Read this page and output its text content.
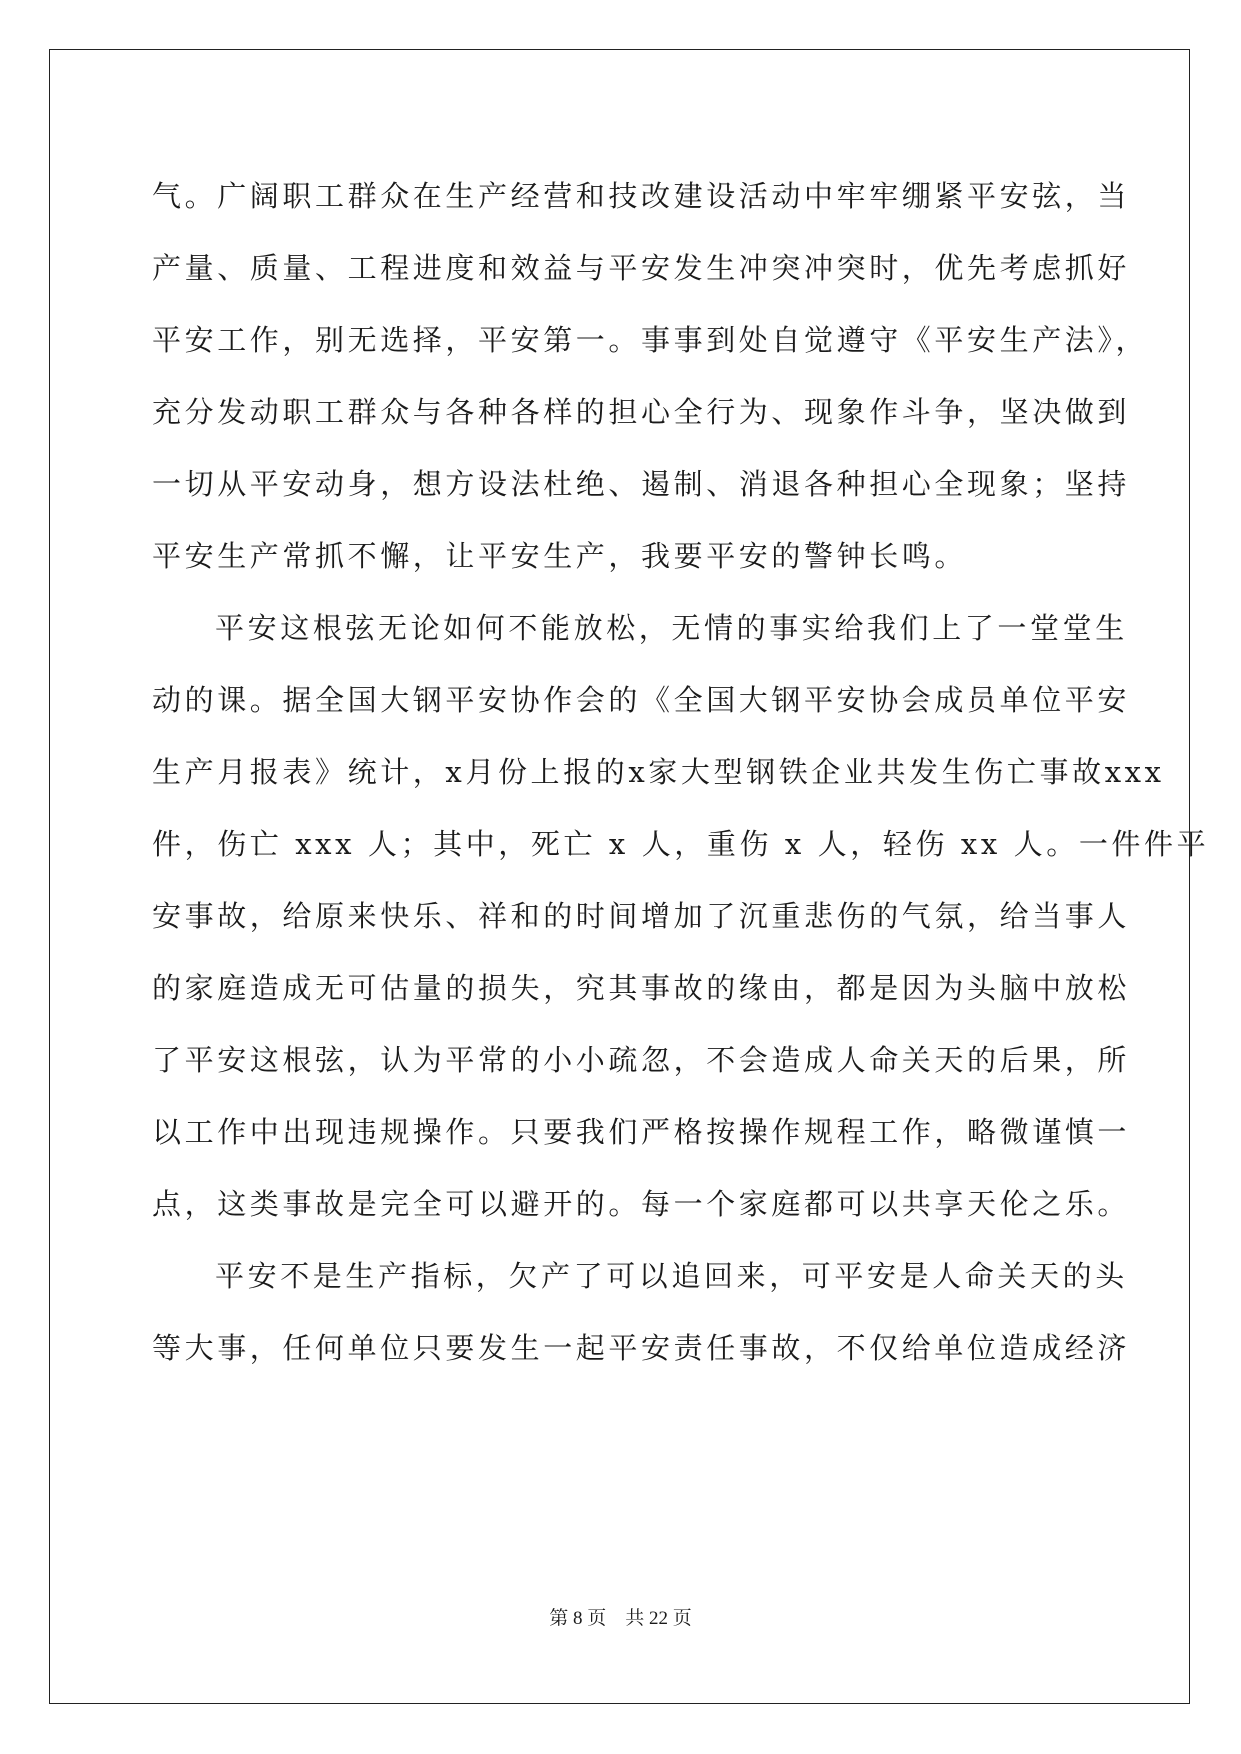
气。广阔职工群众在生产经营和技改建设活动中牢牢绷紧平安弦，当
产量、质量、工程进度和效益与平安发生冲突冲突时，优先考虑抓好
平安工作，别无选择，平安第一。事事到处自觉遵守《平安生产法》，
充分发动职工群众与各种各样的担心全行为、现象作斗争，坚决做到
一切从平安动身，想方设法杜绝、遏制、消退各种担心全现象；坚持
平安生产常抓不懈，让平安生产，我要平安的警钟长鸣。
平安这根弦无论如何不能放松，无情的事实给我们上了一堂堂生
动的课。据全国大钢平安协作会的《全国大钢平安协会成员单位平安
生产月报表》统计，x月份上报的x家大型钢铁企业共发生伤亡事故xxx
件，伤亡 xxx 人；其中，死亡 x 人，重伤 x 人，轻伤 xx 人。一件件平
安事故，给原来快乐、祥和的时间增加了沉重悲伤的气氛，给当事人
的家庭造成无可估量的损失，究其事故的缘由，都是因为头脑中放松
了平安这根弦，认为平常的小小疏忽，不会造成人命关天的后果，所
以工作中出现违规操作。只要我们严格按操作规程工作，略微谨慎一
点，这类事故是完全可以避开的。每一个家庭都可以共享天伦之乐。
平安不是生产指标，欠产了可以追回来，可平安是人命关天的头
等大事，任何单位只要发生一起平安责任事故，不仅给单位造成经济
第 8 页　共 22 页
